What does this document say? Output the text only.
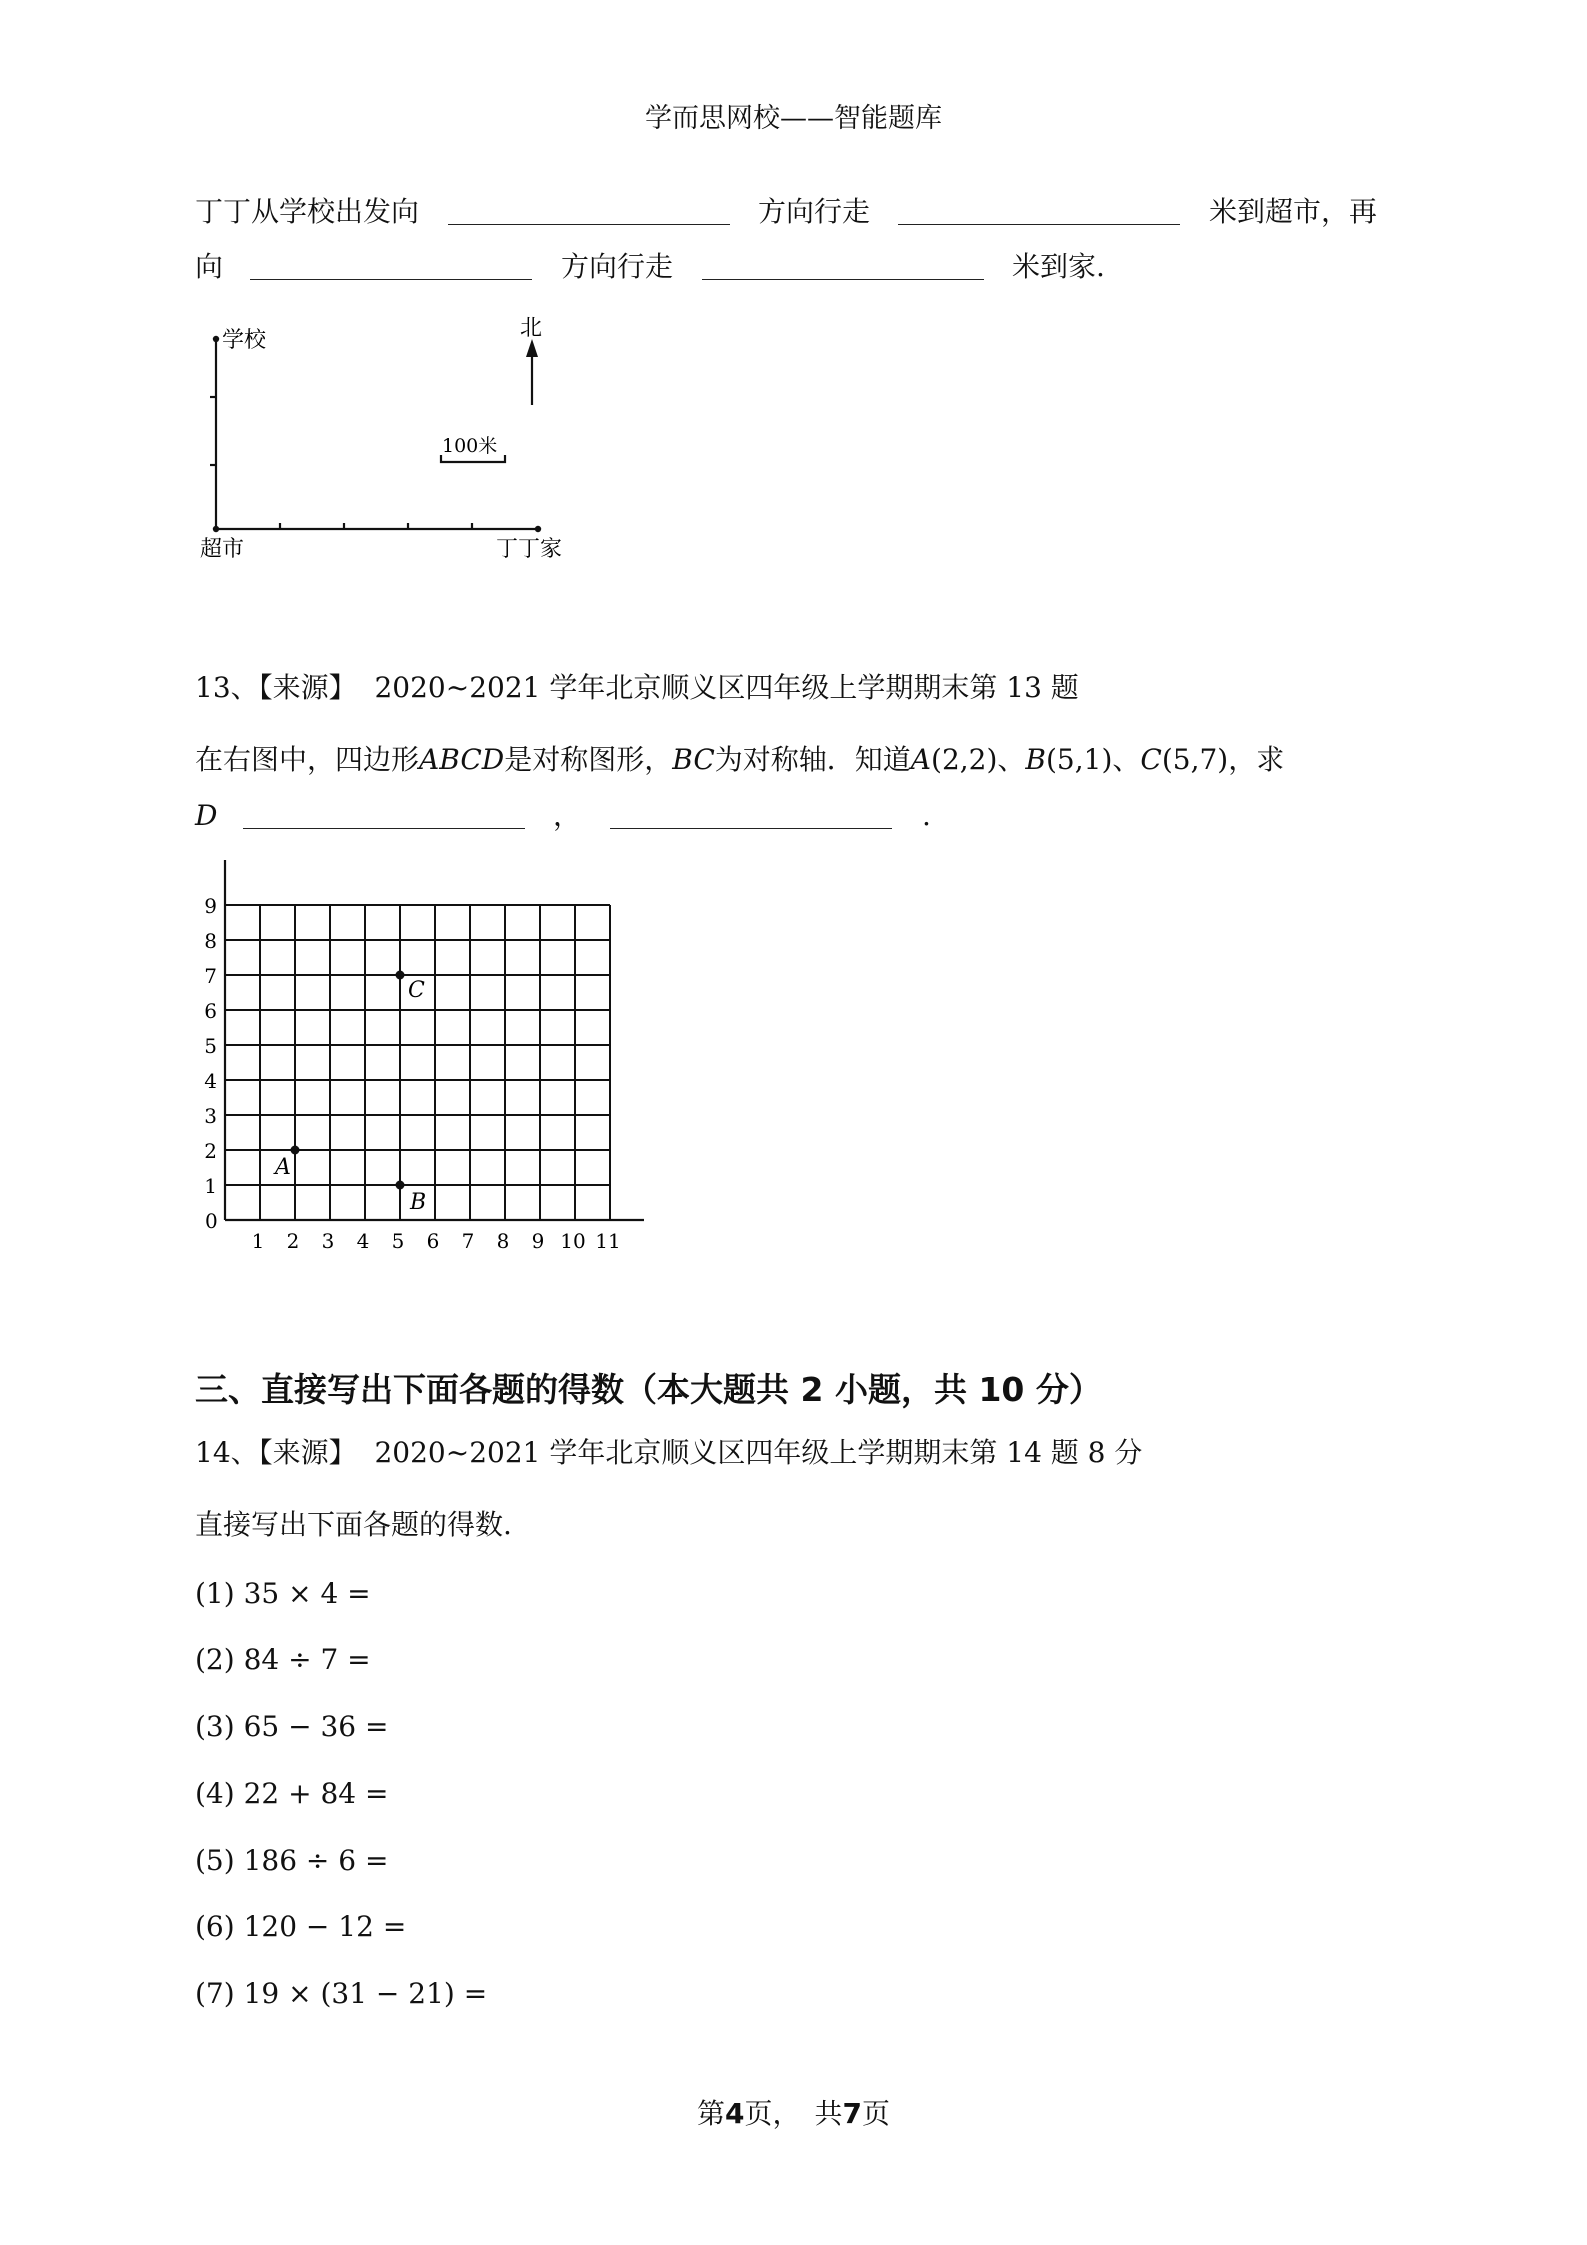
学而思网校——智能题库
丁丁从学校出发向	方向行走	米到超市，再
向	方向行走	米到家.
学校
超市	丁丁家
北
100米
13、【来源】 2020~2021 学年北京顺义区四年级上学期期末第 13 题
在右图中，四边形ABCD是对称图形，BC为对称轴．知道A(2,2)、B(5,1)、C(5,7)，求
D	，	.
0
1 2 3 4 5 6 7 8 9 10 11
1
2
3
4
5
6
7
8
9
A
B
C
三、直接写出下面各题的得数（本大题共 2 小题，共 10 分）
14、【来源】 2020~2021 学年北京顺义区四年级上学期期末第 14 题 8 分
直接写出下面各题的得数.
(1) 35 × 4 =
(2) 84 ÷ 7 =
(3) 65 − 36 =
(4) 22 + 84 =
(5) 186 ÷ 6 =
(6) 120 − 12 =
(7) 19 × (31 − 21) =
第4页，　共7页
